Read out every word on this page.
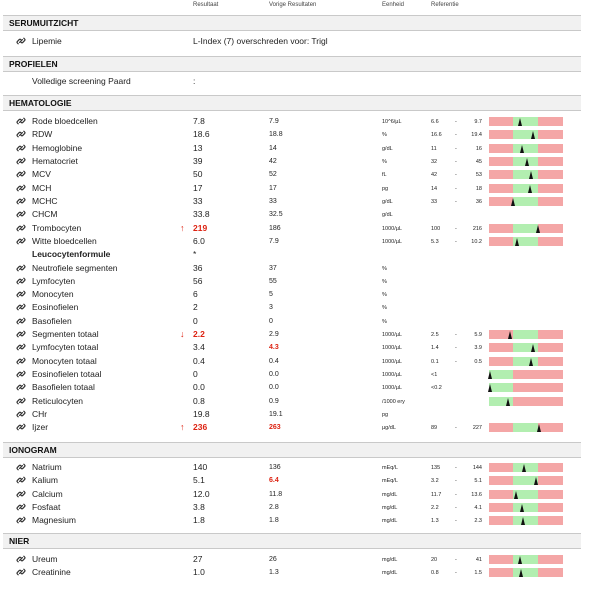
Resultaat	Vorige Resultaten	Eenheid	Referentie
SERUMUITZICHT
Lipemie	L-Index (7) overschreden voor: Trigl
PROFIELEN
Volledige screening Paard	:
HEMATOLOGIE
Rode bloedcellen	7.8	7.9	10^6/µL	6.6	-	9.7
RDW	18.6	18.8	%	16.6 -	19.4
Hemoglobine	13	14	g/dL	11	-	16
Hematocriet	39	42	%	32	-	45
MCV	50	52	fL	42	-	53
MCH	17	17	pg	14	-	18
MCHC	33	33	g/dL	33	-	36
CHCM	33.8	32.5	g/dL
Trombocyten	↑ 219	186	1000/µL	100	-	216
Witte bloedcellen	6.0	7.9	1000/µL	5.3	-	10.2
Leucocytenformule	*
Neutrofiele segmenten	36	37	%
Lymfocyten	56	55	%
Monocyten	6	5	%
Eosinofielen	2	3	%
Basofielen	0	0	%
Segmenten totaal	↓ 2.2	2.9	1000/µL	2.5	-	5.9
Lymfocyten totaal	3.4	4.3	1000/µL	1.4	-	3.9
Monocyten totaal	0.4	0.4	1000/µL	0.1	-	0.5
Eosinofielen totaal	0	0.0	1000/µL	<1
Basofielen totaal	0.0	0.0	1000/µL	<0.2
Reticulocyten	0.8	0.9	/1000 ery
CHr	19.8	19.1	pg
Ijzer	↑ 236	263	µg/dL	89	-	227
IONOGRAM
Natrium	140	136	mEq/L	135	-	144
Kalium	5.1	6.4	mEq/L	3.2	-	5.1
Calcium	12.0	11.8	mg/dL	11.7 -	13.6
Fosfaat	3.8	2.8	mg/dL	2.2	-	4.1
Magnesium	1.8	1.8	mg/dL	1.3	-	2.3
NIER
Ureum	27	26	mg/dL	20	-	41
Creatinine	1.0	1.3	mg/dL	0.8	-	1.5
